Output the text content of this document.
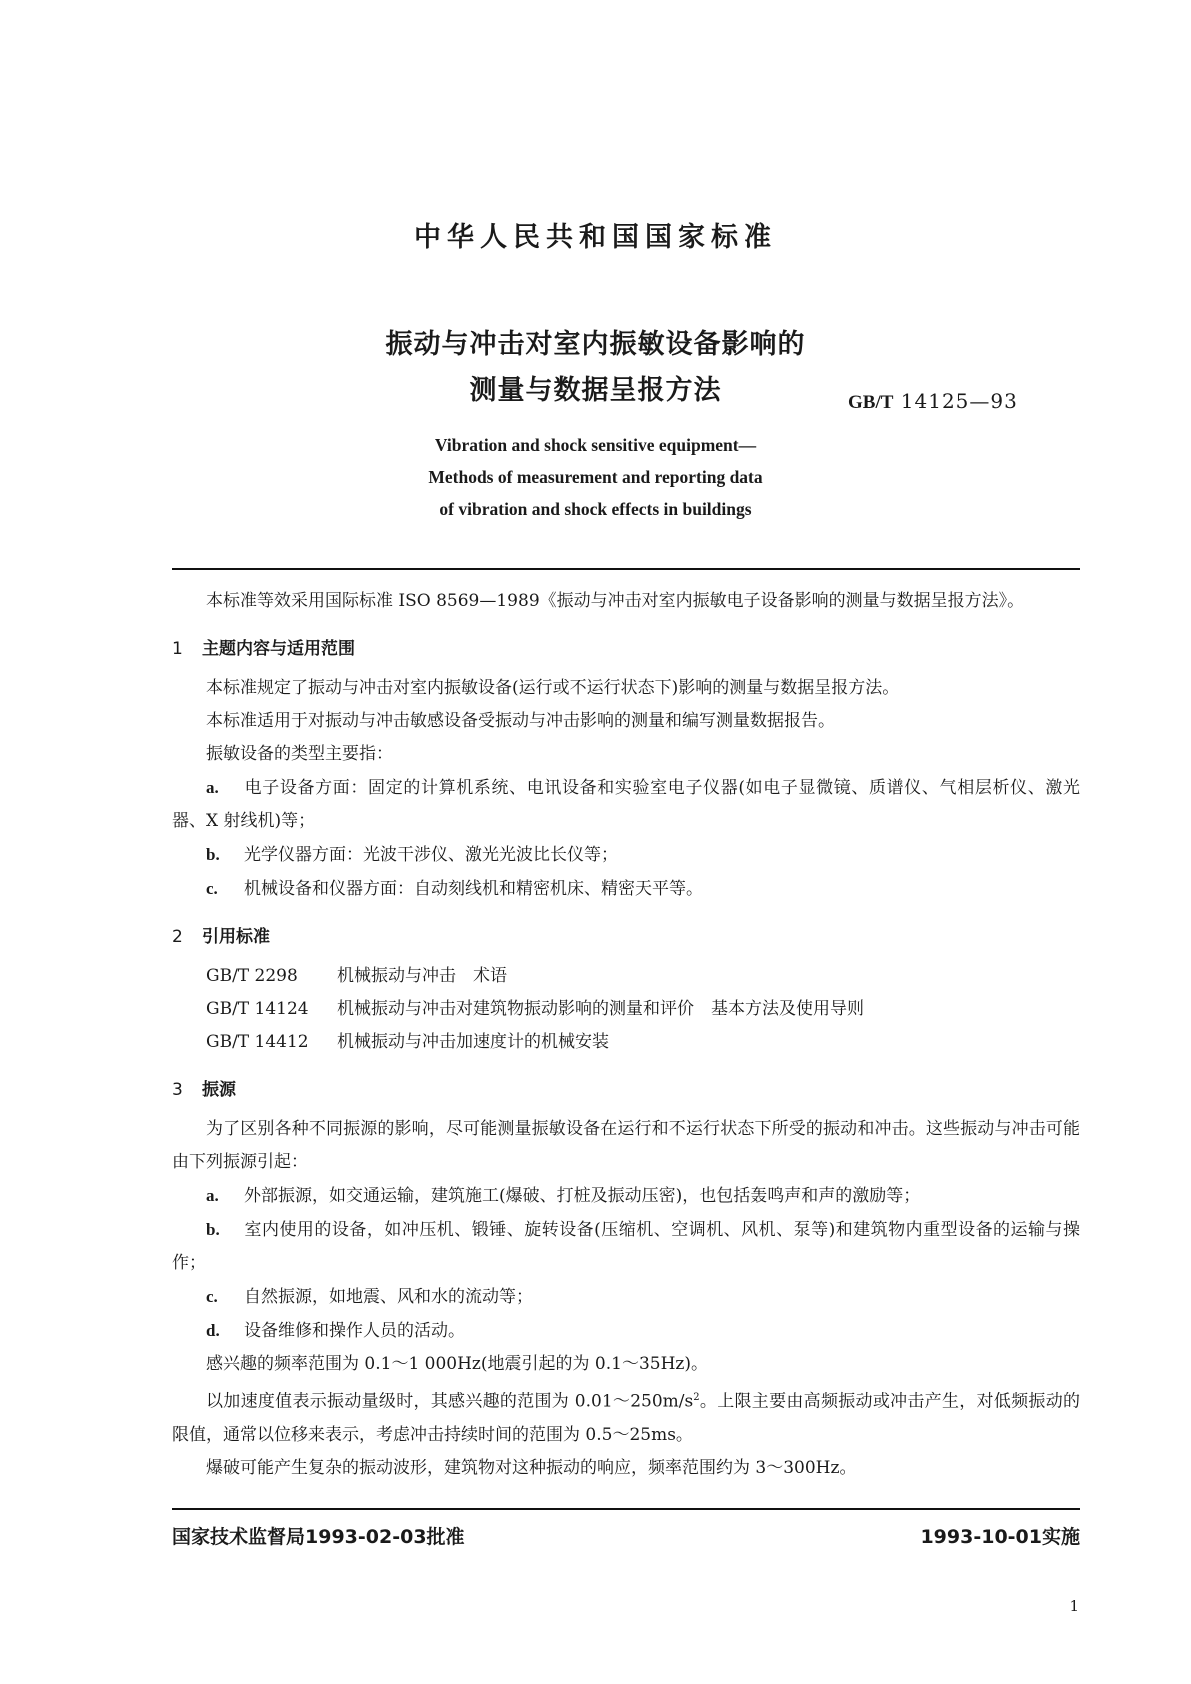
中华人民共和国国家标准
振动与冲击对室内振敏设备影响的
测量与数据呈报方法	GB/T 14125—93
Vibration and shock sensitive equipment—
Methods of measurement and reporting data
of vibration and shock effects in buildings

本标准等效采用国际标准 ISO 8569—1989《振动与冲击对室内振敏电子设备影响的测量与数据呈报方法》。

1 主题内容与适用范围

本标准规定了振动与冲击对室内振敏设备(运行或不运行状态下)影响的测量与数据呈报方法。

本标准适用于对振动与冲击敏感设备受振动与冲击影响的测量和编写测量数据报告。

振敏设备的类型主要指：

a. 电子设备方面：固定的计算机系统、电讯设备和实验室电子仪器(如电子显微镜、质谱仪、气相层析仪、激光器、X 射线机)等；

b. 光学仪器方面：光波干涉仪、激光光波比长仪等；

c. 机械设备和仪器方面：自动刻线机和精密机床、精密天平等。

2 引用标准

GB/T 2298 机械振动与冲击　术语

GB/T 14124 机械振动与冲击对建筑物振动影响的测量和评价　基本方法及使用导则

GB/T 14412 机械振动与冲击加速度计的机械安装

3 振源

为了区别各种不同振源的影响，尽可能测量振敏设备在运行和不运行状态下所受的振动和冲击。这些振动与冲击可能由下列振源引起：

a. 外部振源，如交通运输，建筑施工(爆破、打桩及振动压密)，也包括轰鸣声和声的激励等；

b. 室内使用的设备，如冲压机、锻锤、旋转设备(压缩机、空调机、风机、泵等)和建筑物内重型设备的运输与操作；

c. 自然振源，如地震、风和水的流动等；

d. 设备维修和操作人员的活动。

感兴趣的频率范围为 0.1～1 000Hz(地震引起的为 0.1～35Hz)。

以加速度值表示振动量级时，其感兴趣的范围为 $0.01\sim 250m/s^2$。上限主要由高频振动或冲击产生，对低频振动的限值，通常以位移来表示，考虑冲击持续时间的范围为 0.5～25ms。

爆破可能产生复杂的振动波形，建筑物对这种振动的响应，频率范围约为 3～300Hz。

国家技术监督局1993-02-03批准	1993-10-01实施
1
